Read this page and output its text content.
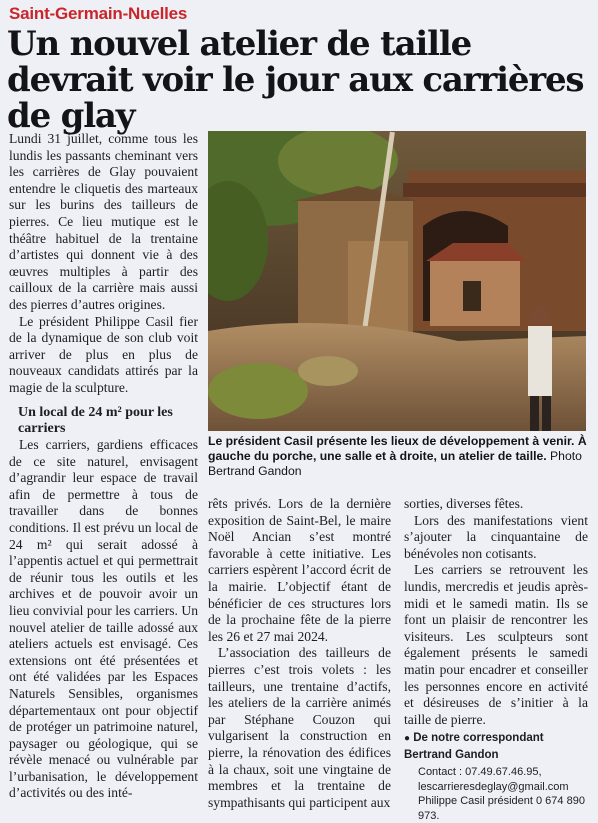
Saint-Germain-Nuelles
Un nouvel atelier de taille devrait voir le jour aux carrières de glay

Lundi 31 juillet, comme tous les lundis les passants cheminant vers les carrières de Glay pouvaient entendre le cliquetis des marteaux sur les burins des tailleurs de pierres. Ce lieu mutique est le théâtre habituel de la trentaine d’artistes qui donnent vie à des œuvres multiples à partir des cailloux de la carrière mais aussi des pierres d’autres origines.

Le président Philippe Casil fier de la dynamique de son club voit arriver de plus en plus de nouveaux candidats attirés par la magie de la sculpture.

Un local de 24 m² pour les carriers

Les carriers, gardiens efficaces de ce site naturel, envisagent d’agrandir leur espace de travail afin de permettre à tous de travailler dans de bonnes conditions. Il est prévu un local de 24 m² qui serait adossé à l’appentis actuel et qui permettrait de réunir tous les outils et les archives et de pouvoir avoir un lieu convivial pour les carriers. Un nouvel atelier de taille adossé aux ateliers actuels est envisagé. Ces extensions ont été présentées et ont été validées par les Espaces Naturels Sensibles, organismes départementaux ont pour objectif de protéger un patrimoine naturel, paysager ou géologique, qui se révèle menacé ou vulnérable par l’urbanisation, le développement d’activités ou des inté-

Le président Casil présente les lieux de développement à venir. À gauche du porche, une salle et à droite, un atelier de taille. Photo Bertrand Gandon

rêts privés. Lors de la dernière exposition de Saint-Bel, le maire Noël Ancian s’est montré favorable à cette initiative. Les carriers espèrent l’accord écrit de la mairie. L’objectif étant de bénéficier de ces structures lors de la prochaine fête de la pierre les 26 et 27 mai 2024.

L’association des tailleurs de pierres c’est trois volets : les tailleurs, une trentaine d’actifs, les ateliers de la carrière animés par Stéphane Couzon qui vulgarisent la construction en pierre, la rénovation des édifices à la chaux, soit une vingtaine de membres et la trentaine de sympathisants qui participent aux

sorties, diverses fêtes.

Lors des manifestations vient s’ajouter la cinquantaine de bénévoles non cotisants.

Les carriers se retrouvent les lundis, mercredis et jeudis après-midi et le samedi matin. Ils se font un plaisir de rencontrer les visiteurs. Les sculpteurs sont également présents le samedi matin pour encadrer et conseiller les personnes encore en activité et désireuses de s’initier à la taille de pierre.

● De notre correspondant
Bertrand Gandon
Contact : 07.49.67.46.95, lescarrieresdeglay@gmail.com Philippe Casil président 0 674 890 973.
